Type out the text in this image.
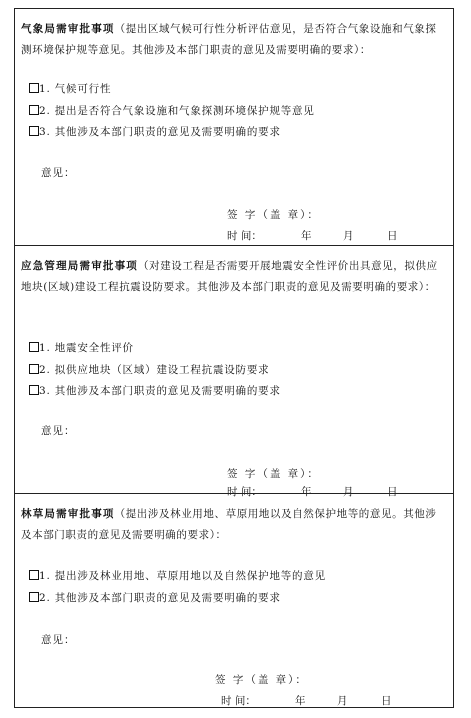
气象局需审批事项（提出区域气候可行性分析评估意见，是否符合气象设施和气象探测环境保护规等意见。其他涉及本部门职责的意见及需要明确的要求）：
1. 气候可行性
2. 提出是否符合气象设施和气象探测环境保护规等意见
3. 其他涉及本部门职责的意见及需要明确的要求
意见：
签 字（盖 章）：
时 间：	年	月	日
应急管理局需审批事项（对建设工程是否需要开展地震安全性评价出具意见，拟供应地块(区域)建设工程抗震设防要求。其他涉及本部门职责的意见及需要明确的要求）：
1. 地震安全性评价
2. 拟供应地块（区域）建设工程抗震设防要求
3. 其他涉及本部门职责的意见及需要明确的要求
意见：
签 字（盖 章）：
时 间：	年	月	日
林草局需审批事项（提出涉及林业用地、草原用地以及自然保护地等的意见。其他涉及本部门职责的意见及需要明确的要求）：
1. 提出涉及林业用地、草原用地以及自然保护地等的意见
2. 其他涉及本部门职责的意见及需要明确的要求
意见：
签 字（盖 章）：
时 间：	年	月	日
